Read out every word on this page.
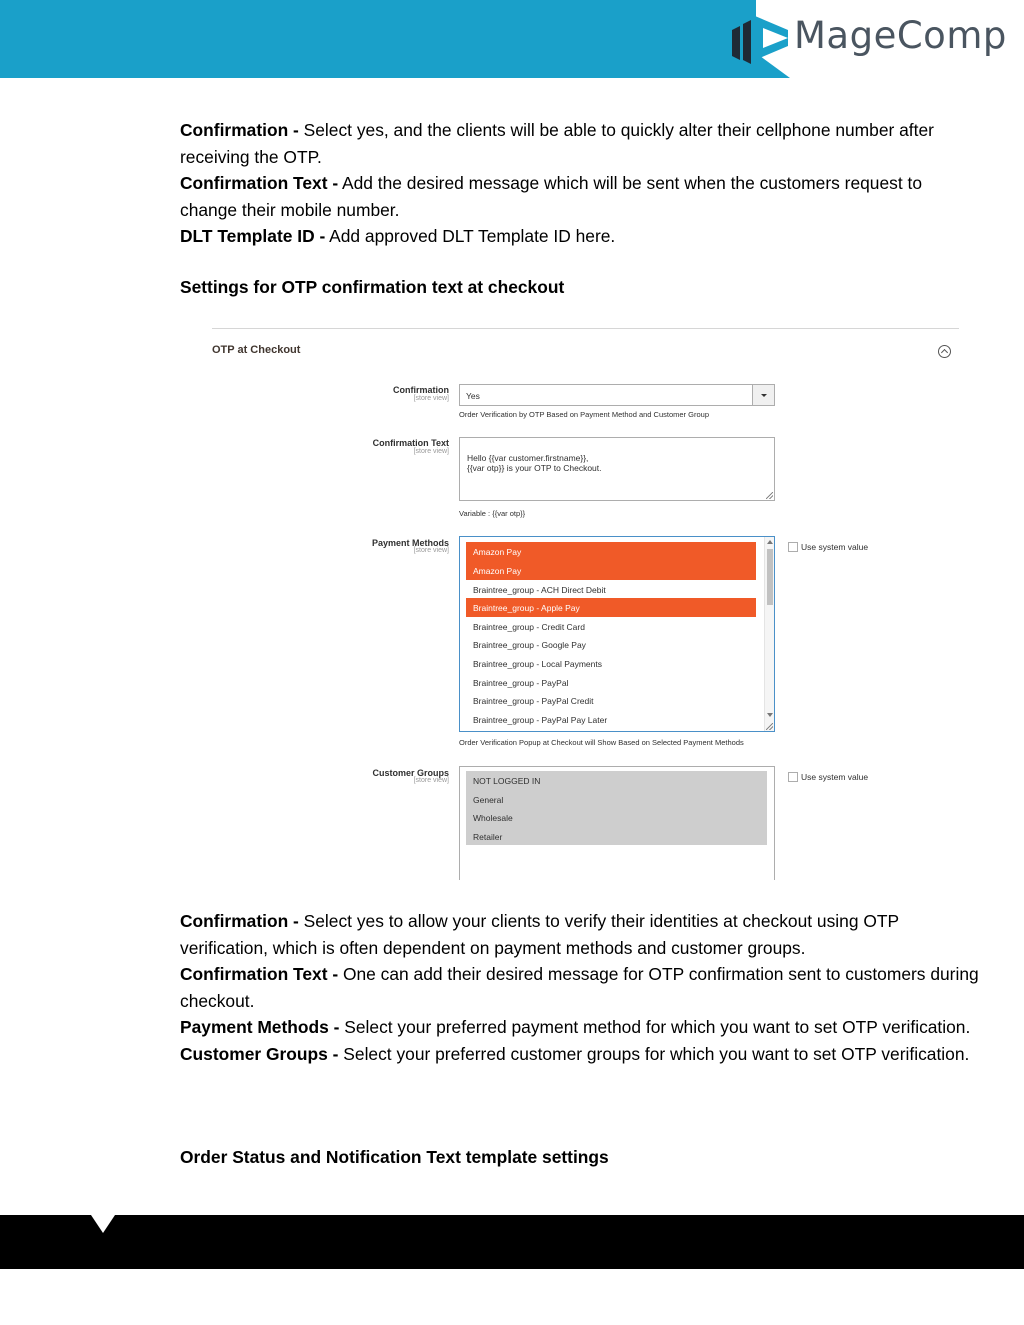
MageComp

Confirmation - Select yes, and the clients will be able to quickly alter their cellphone number after receiving the OTP.

Confirmation Text - Add the desired message which will be sent when the customers request to change their mobile number.

DLT Template ID - Add approved DLT Template ID here.

Settings for OTP confirmation text at checkout
OTP at Checkout
Confirmation
[store view]	Yes
Order Verification by OTP Based on Payment Method and Customer Group
Confirmation Text
[store view]

Hello {{var customer.firstname}},
{{var otp}} is your OTP to Checkout.

Variable : {{var otp}}
Payment Methods
[store view]	Amazon Pay
Amazon Pay
Braintree_group - ACH Direct Debit
Braintree_group - Apple Pay
Braintree_group - Credit Card
Braintree_group - Google Pay
Braintree_group - Local Payments
Braintree_group - PayPal
Braintree_group - PayPal Credit
Braintree_group - PayPal Pay Later
Use system value
Order Verification Popup at Checkout will Show Based on Selected Payment Methods
Customer Groups
[store view]	NOT LOGGED IN
General
Wholesale
Retailer
Use system value

Confirmation - Select yes to allow your clients to verify their identities at checkout using OTP verification, which is often dependent on payment methods and customer groups.

Confirmation Text - One can add their desired message for OTP confirmation sent to customers during checkout.

Payment Methods - Select your preferred payment method for which you want to set OTP verification.

Customer Groups - Select your preferred customer groups for which you want to set OTP verification.

Order Status and Notification Text template settings
